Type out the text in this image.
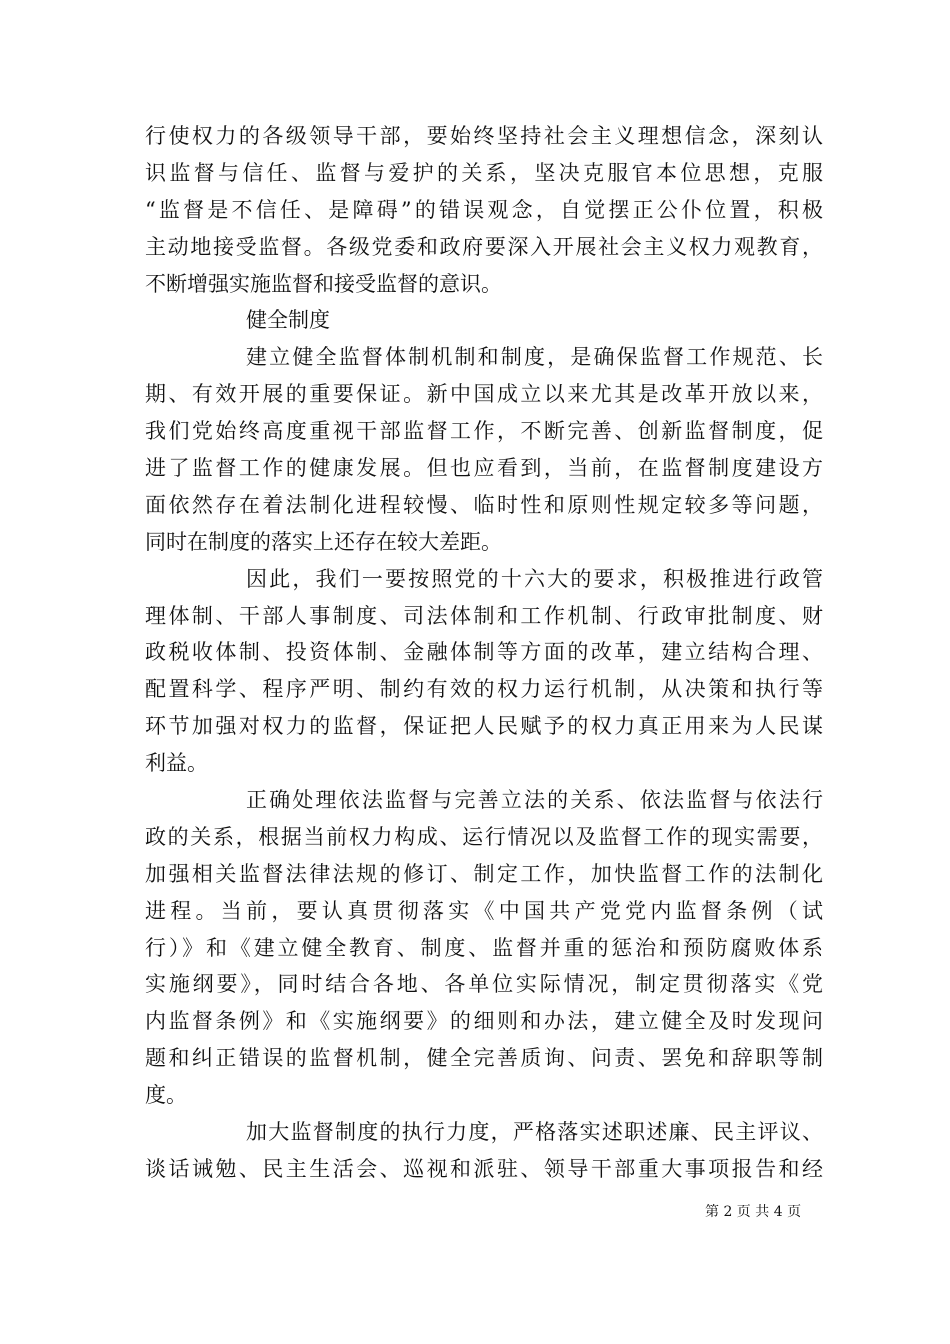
行使权力的各级领导干部，要始终坚持社会主义理想信念，深刻认
识监督与信任、监督与爱护的关系，坚决克服官本位思想，克服
“监督是不信任、是障碍”的错误观念，自觉摆正公仆位置，积极
主动地接受监督。各级党委和政府要深入开展社会主义权力观教育，
不断增强实施监督和接受监督的意识。
健全制度
建立健全监督体制机制和制度，是确保监督工作规范、长
期、有效开展的重要保证。新中国成立以来尤其是改革开放以来，
我们党始终高度重视干部监督工作，不断完善、创新监督制度，促
进了监督工作的健康发展。但也应看到，当前，在监督制度建设方
面依然存在着法制化进程较慢、临时性和原则性规定较多等问题，
同时在制度的落实上还存在较大差距。
因此，我们一要按照党的十六大的要求，积极推进行政管
理体制、干部人事制度、司法体制和工作机制、行政审批制度、财
政税收体制、投资体制、金融体制等方面的改革，建立结构合理、
配置科学、程序严明、制约有效的权力运行机制，从决策和执行等
环节加强对权力的监督，保证把人民赋予的权力真正用来为人民谋
利益。
正确处理依法监督与完善立法的关系、依法监督与依法行
政的关系，根据当前权力构成、运行情况以及监督工作的现实需要，
加强相关监督法律法规的修订、制定工作，加快监督工作的法制化
进程。当前，要认真贯彻落实《中国共产党党内监督条例（试
行）》和《建立健全教育、制度、监督并重的惩治和预防腐败体系
实施纲要》，同时结合各地、各单位实际情况，制定贯彻落实《党
内监督条例》和《实施纲要》的细则和办法，建立健全及时发现问
题和纠正错误的监督机制，健全完善质询、问责、罢免和辞职等制
度。
加大监督制度的执行力度，严格落实述职述廉、民主评议、
谈话诫勉、民主生活会、巡视和派驻、领导干部重大事项报告和经
第 2 页 共 4 页
